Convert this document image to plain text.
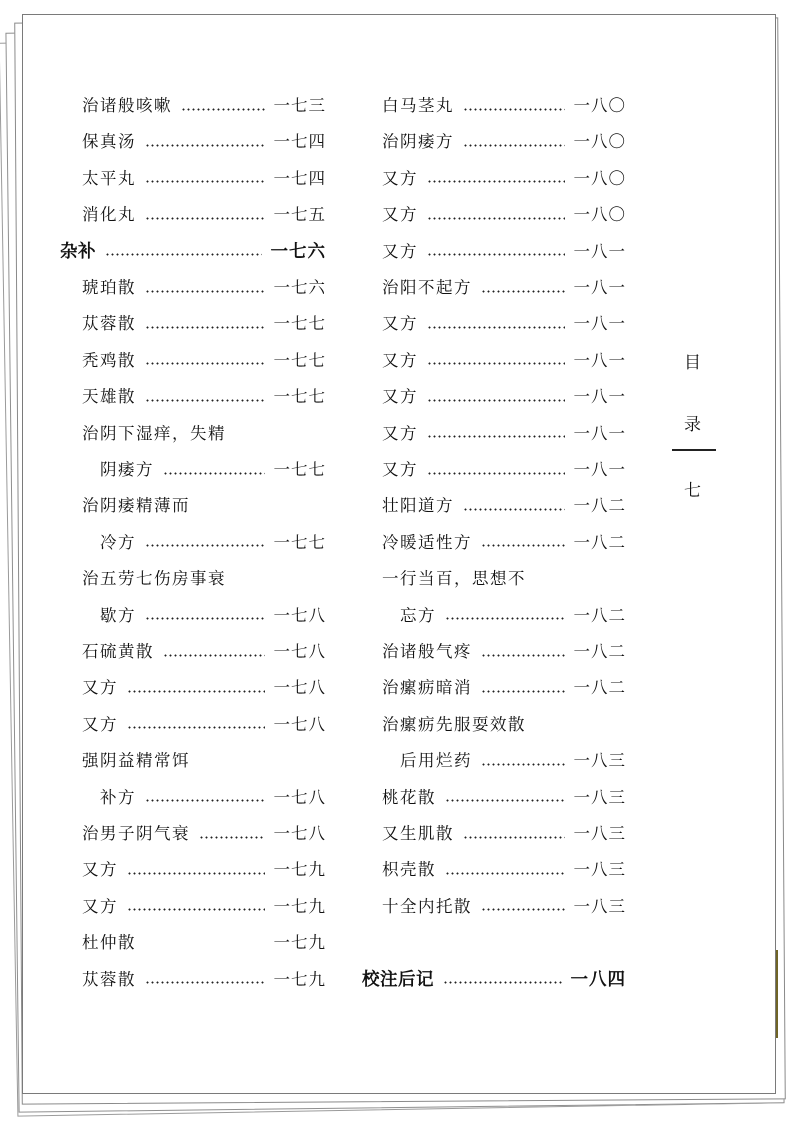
治诸般咳嗽	一七三
保真汤	一七四
太平丸	一七四
消化丸	一七五
杂补	一七六
琥珀散	一七六
苁蓉散	一七七
秃鸡散	一七七
天雄散	一七七
治阴下湿痒，失精
阴痿方	一七七
治阴痿精薄而
冷方	一七七
治五劳七伤房事衰
歇方	一七八
石硫黄散	一七八
又方	一七八
又方	一七八
强阴益精常饵
补方	一七八
治男子阴气衰	一七八
又方	一七九
又方	一七九
杜仲散	一七九
苁蓉散	一七九
白马茎丸	一八〇
治阴痿方	一八〇
又方	一八〇
又方	一八〇
又方	一八一
治阳不起方	一八一
又方	一八一
又方	一八一
又方	一八一
又方	一八一
又方	一八一
壮阳道方	一八二
冷暖适性方	一八二
一行当百，思想不
忘方	一八二
治诸般气疼	一八二
治瘰疬暗消	一八二
治瘰疬先服耍效散
后用烂药	一八三
桃花散	一八三
又生肌散	一八三
枳壳散	一八三
十全内托散	一八三
校注后记	一八四
目
录
七
